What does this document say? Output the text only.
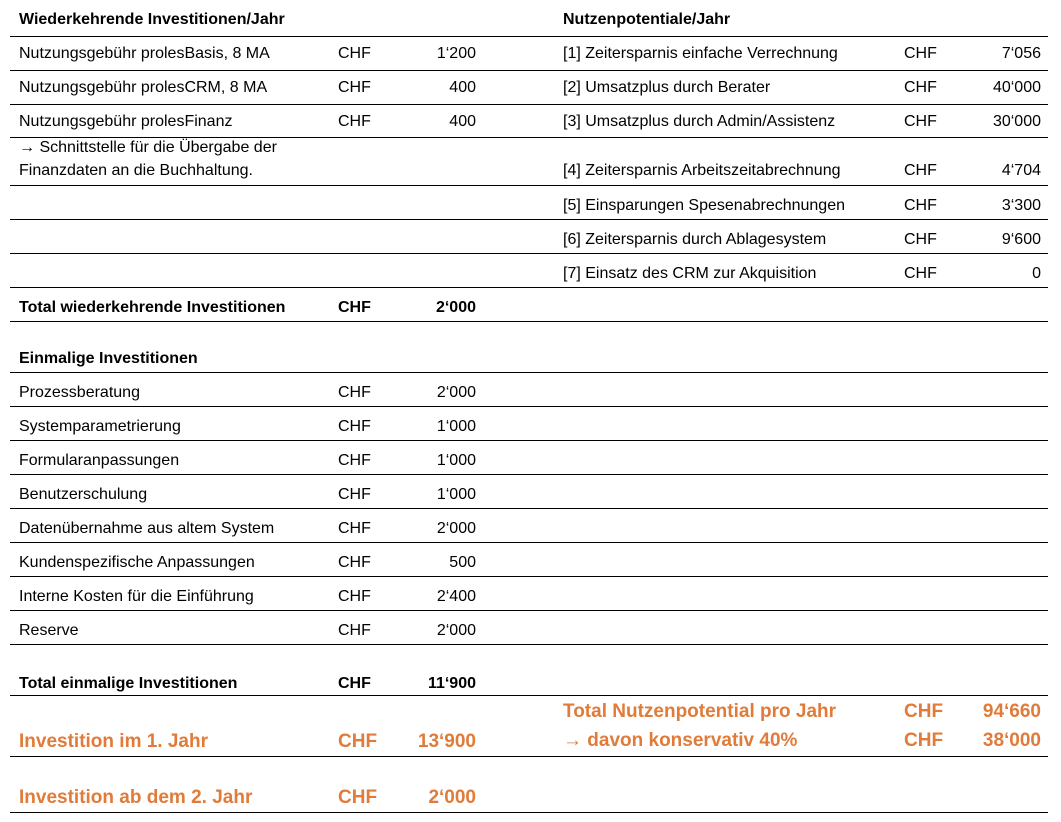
Wiederkehrende Investitionen/Jahr
Nutzungsgebühr prolesBasis, 8 MA	CHF	1‘200
Nutzungsgebühr prolesCRM, 8 MA	CHF	400
Nutzungsgebühr prolesFinanz	CHF	400
→ Schnittstelle für die Übergabe der
Finanzdaten an die Buchhaltung.
Total wiederkehrende Investitionen	CHF	2‘000
Nutzenpotentiale/Jahr
[1] Zeitersparnis einfache Verrechnung	CHF	7‘056
[2] Umsatzplus durch Berater	CHF	40‘000
[3] Umsatzplus durch Admin/Assistenz	CHF	30‘000
[4] Zeitersparnis Arbeitszeitabrechnung	CHF	4‘704
[5] Einsparungen Spesenabrechnungen	CHF	3‘300
[6] Zeitersparnis durch Ablagesystem	CHF	9‘600
[7] Einsatz des CRM zur Akquisition	CHF	0
Einmalige Investitionen
Prozessberatung	CHF	2‘000
Systemparametrierung	CHF	1‘000
Formularanpassungen	CHF	1‘000
Benutzerschulung	CHF	1‘000
Datenübernahme aus altem System	CHF	2‘000
Kundenspezifische Anpassungen	CHF	500
Interne Kosten für die Einführung	CHF	2‘400
Reserve	CHF	2‘000
Total einmalige Investitionen	CHF	11‘900
Total Nutzenpotential pro Jahr	CHF	94‘660
→ davon konservativ 40%	CHF	38‘000
Investition im 1. Jahr	CHF	13‘900
Investition ab dem 2. Jahr	CHF	2‘000
